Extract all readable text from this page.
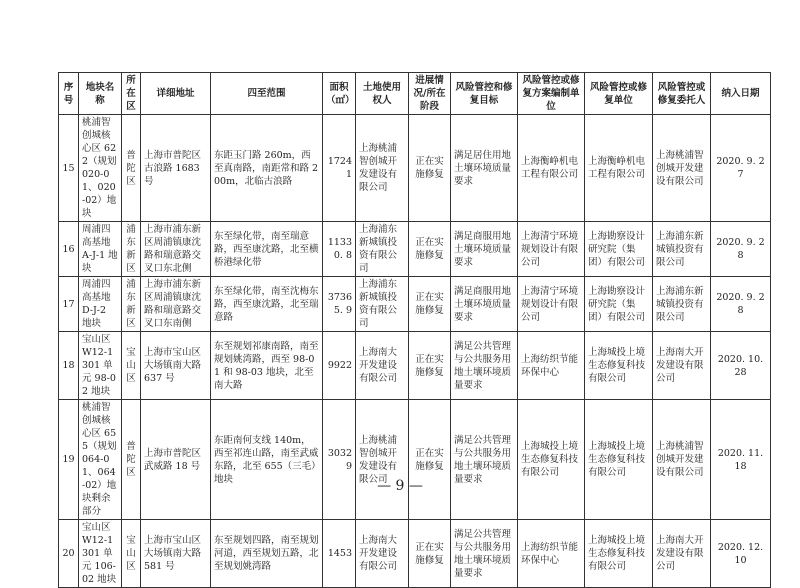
序号	地块名称	所在区	详细地址	四至范围	面积（㎡）	土地使用权人	进展情况/所在阶段	风险管控和修复目标	风险管控或修复方案编制单位	风险管控或修复单位	风险管控或修复委托人	纳入日期
15	桃浦智创城核心区 622（规划 020-01、020-02）地块	普陀区	上海市普陀区古浪路 1683 号	东距玉门路 260m，西至真南路，南距常和路 200m，北临古浪路	17241	上海桃浦智创城开发建设有限公司	正在实施修复	满足居住用地土壤环境质量要求	上海衡峥机电工程有限公司	上海衡峥机电工程有限公司	上海桃浦智创城开发建设有限公司	2020. 9. 27
16	周浦四高基地 A-J-1 地块	浦东新区	上海市浦东新区周浦镇康沈路和瑞意路交叉口东北侧	东至绿化带，南至瑞意路，西至康沈路，北至横桥港绿化带	11330. 8	上海浦东新城镇投资有限公司	正在实施修复	满足商服用地土壤环境质量要求	上海清宁环境规划设计有限公司	上海勘察设计研究院（集团）有限公司	上海浦东新城镇投资有限公司	2020. 9. 28
17	周浦四高基地 D-J-2 地块	浦东新区	上海市浦东新区周浦镇康沈路和瑞意路交叉口东南侧	东至绿化带，南至沈梅东路，西至康沈路，北至瑞意路	37365. 9	上海浦东新城镇投资有限公司	正在实施修复	满足商服用地土壤环境质量要求	上海清宁环境规划设计有限公司	上海勘察设计研究院（集团）有限公司	上海浦东新城镇投资有限公司	2020. 9. 28
18	宝山区 W12-1301 单元 98-02 地块	宝山区	上海市宝山区大场镇南大路 637 号	东至规划祁康南路，南至规划姚湾路，西至 98-01 和 98-03 地块，北至南大路	9922	上海南大开发建设有限公司	正在实施修复	满足公共管理与公共服务用地土壤环境质量要求	上海纺织节能环保中心	上海城投上境生态修复科技有限公司	上海南大开发建设有限公司	2020. 10. 28
19	桃浦智创城核心区 655（规划 064-01、064-02）地块剩余部分	普陀区	上海市普陀区武威路 18 号	东距南何支线 140m，西至祁连山路，南至武威东路，北至 655（三毛）地块	30329	上海桃浦智创城开发建设有限公司	正在实施修复	满足公共管理与公共服务用地土壤环境质量要求	上海城投上境生态修复科技有限公司	上海城投上境生态修复科技有限公司	上海桃浦智创城开发建设有限公司	2020. 11. 18
20	宝山区 W12-1301 单元 106-02 地块	宝山区	上海市宝山区大场镇南大路 581 号	东至规划四路，南至规划河道，西至规划五路，北至规划姚湾路	1453	上海南大开发建设有限公司	正在实施修复	满足公共管理与公共服务用地土壤环境质量要求	上海纺织节能环保中心	上海城投上境生态修复科技有限公司	上海南大开发建设有限公司	2020. 12. 10
— 9 —
